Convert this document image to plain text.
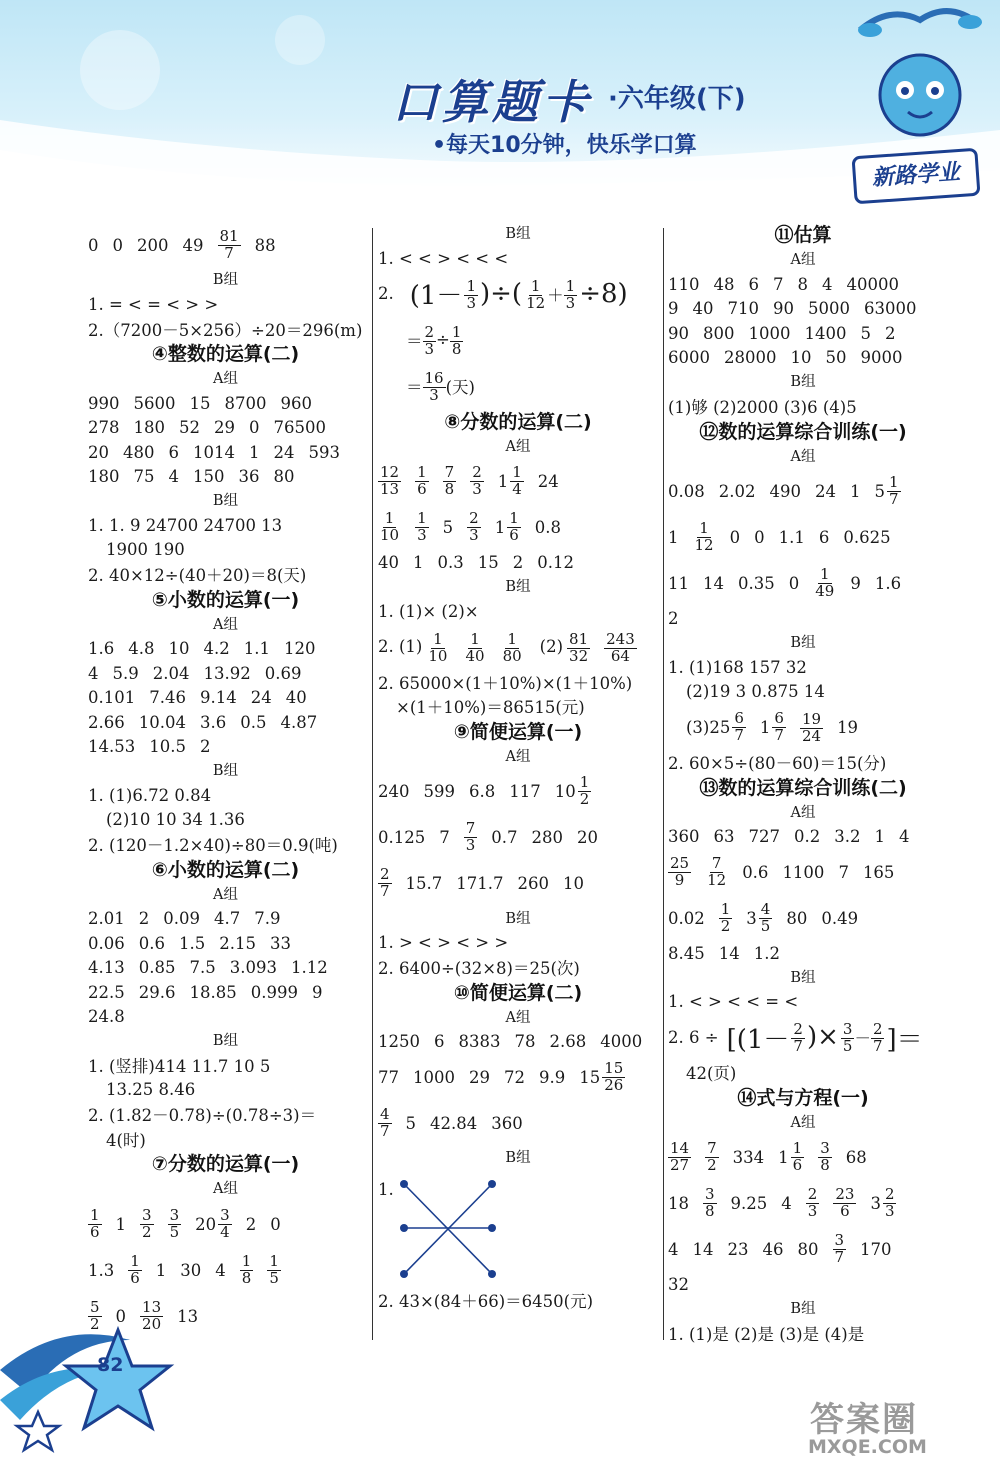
口算题卡 ·六年级(下)
•每天10分钟，快乐学口算
新路学业
0 0 200 $49 \frac{81}{7} 88$
B组
1. = < = < > >
2.（7200－5×256）÷20＝296(m)
④整数的运算(二)
A组
990 5600 15 8700 960
278 180 52 29 0 76500
20 480 6 1014 1 24 593
180 75 4 150 36 80
B组
1. 1. 9 24700 24700 13
1900 190
2. 40×12÷(40＋20)＝8(天)
⑤小数的运算(一)
A组
1.6 4.8 10 4.2 1.1 120
4 5.9 2.04 13.92 0.69
0.101 7.46 9.14 24 40
2.66 10.04 3.6 0.5 4.87
14.53 10.5 2
B组
1. (1)6.72 0.84
(2)10 10 34 1.36
2. (120－1.2×40)÷80＝0.9(吨)
⑥小数的运算(二)
A组
2.01 2 0.09 4.7 7.9
0.06 0.6 1.5 2.15 33
4.13 0.85 7.5 3.093 1.12
22.5 29.6 18.85 0.999 9
24.8
B组
1. (竖排)414 11.7 10 5
13.25 8.46
2. (1.82－0.78)÷(0.78÷3)＝
4(时)
⑦分数的运算(一)
A组
$\frac{1}{6} 1 \frac{3}{2} \frac{3}{5} 20 \frac{3}{4} 2$ 0
$1.3 \frac{1}{6} 1$ 30 $4 \frac{1}{8} \frac{1}{5}$
$\frac{5}{2} 0 \frac{13}{20} 13$
B组
1. < < > < < <
2. ($1- \frac{1}{3}$ )÷( $\frac{1}{12} + \frac{1}{3} \div 8$)
＝ $\frac{2}{3} \div \frac{1}{8}$
＝ $\frac{16}{3}$ (天)
⑧分数的运算(二)
A组
$\frac{12}{13} \frac{1}{6} \frac{7}{8} \frac{2}{3} 1 \frac{1}{4} 24$
$\frac{1}{10} \frac{1}{3} 5 \frac{2}{3} 1 \frac{1}{6} 0.8$
40 1 0.3 15 2 0.12
B组
1. (1)× (2)×
2. $(1) \frac{1}{10} \frac{1}{40} \frac{1}{80} (2) \frac{81}{32} \frac{243}{64}$
2. 65000×(1＋10%)×(1＋10%)
×(1＋10%)＝86515(元)
⑨简便运算(一)
A组
240 599 6.8 117 $10 \frac{1}{2}$
0.125 $7 \frac{7}{3} 0.7$ 280 20
$\frac{2}{7} 15.7$ 171.7 260 10
B组
1. > < > < > >
2. 6400÷(32×8)＝25(次)
⑩简便运算(二)
A组
1250 6 8383 78 2.68 4000
77 1000 29 72 9.9 $15 \frac{15}{26}$
$\frac{4}{7} 5$ 42.84 360
B组
1.
2. 43×(84＋66)＝6450(元)
⑪估算
A组
110 48 6 7 8 4 40000
9 40 710 90 5000 63000
90 800 1000 1400 5 2
6000 28000 10 50 9000
B组
(1)够 (2)2000 (3)6 (4)5
⑫数的运算综合训练(一)
A组
0.08 2.02 490 24 1 $5 \frac{1}{7}$
$1 \frac{1}{12} 0$ 0 1.1 6 0.625
11 14 0.35 $0 \frac{1}{49} 9$ 1.6
2
B组
1. (1)168 157 32
(2)19 3 0.875 14
(3) $25 \frac{6}{7} 1 \frac{6}{7} \frac{19}{24} 19$
2. 60×5÷(80－60)＝15(分)
⑬数的运算综合训练(二)
A组
360 63 727 0.2 3.2 1 4
$\frac{25}{9} \frac{7}{12} 0.6$ 1100 7 165
$0.02 \frac{1}{2} 3 \frac{4}{5} 80$ 0.49
8.45 14 1.2
B组
1. < > < < = <
2. $6 \div [(1- \frac{2}{7}$ )× $\frac{3}{5} - \frac{2}{7}$ ]＝
42(页)
⑭式与方程(一)
A组
$\frac{14}{27} \frac{7}{2} 334$ $1 \frac{1}{6} \frac{3}{8} 68$
$18 \frac{3}{8} 9.25$ $4 \frac{2}{3} \frac{23}{6} 3 \frac{2}{3}$
4 14 23 46 $80 \frac{3}{7} 170$
32
B组
1. (1)是 (2)是 (3)是 (4)是
82
答案圈
MXQE.COM
